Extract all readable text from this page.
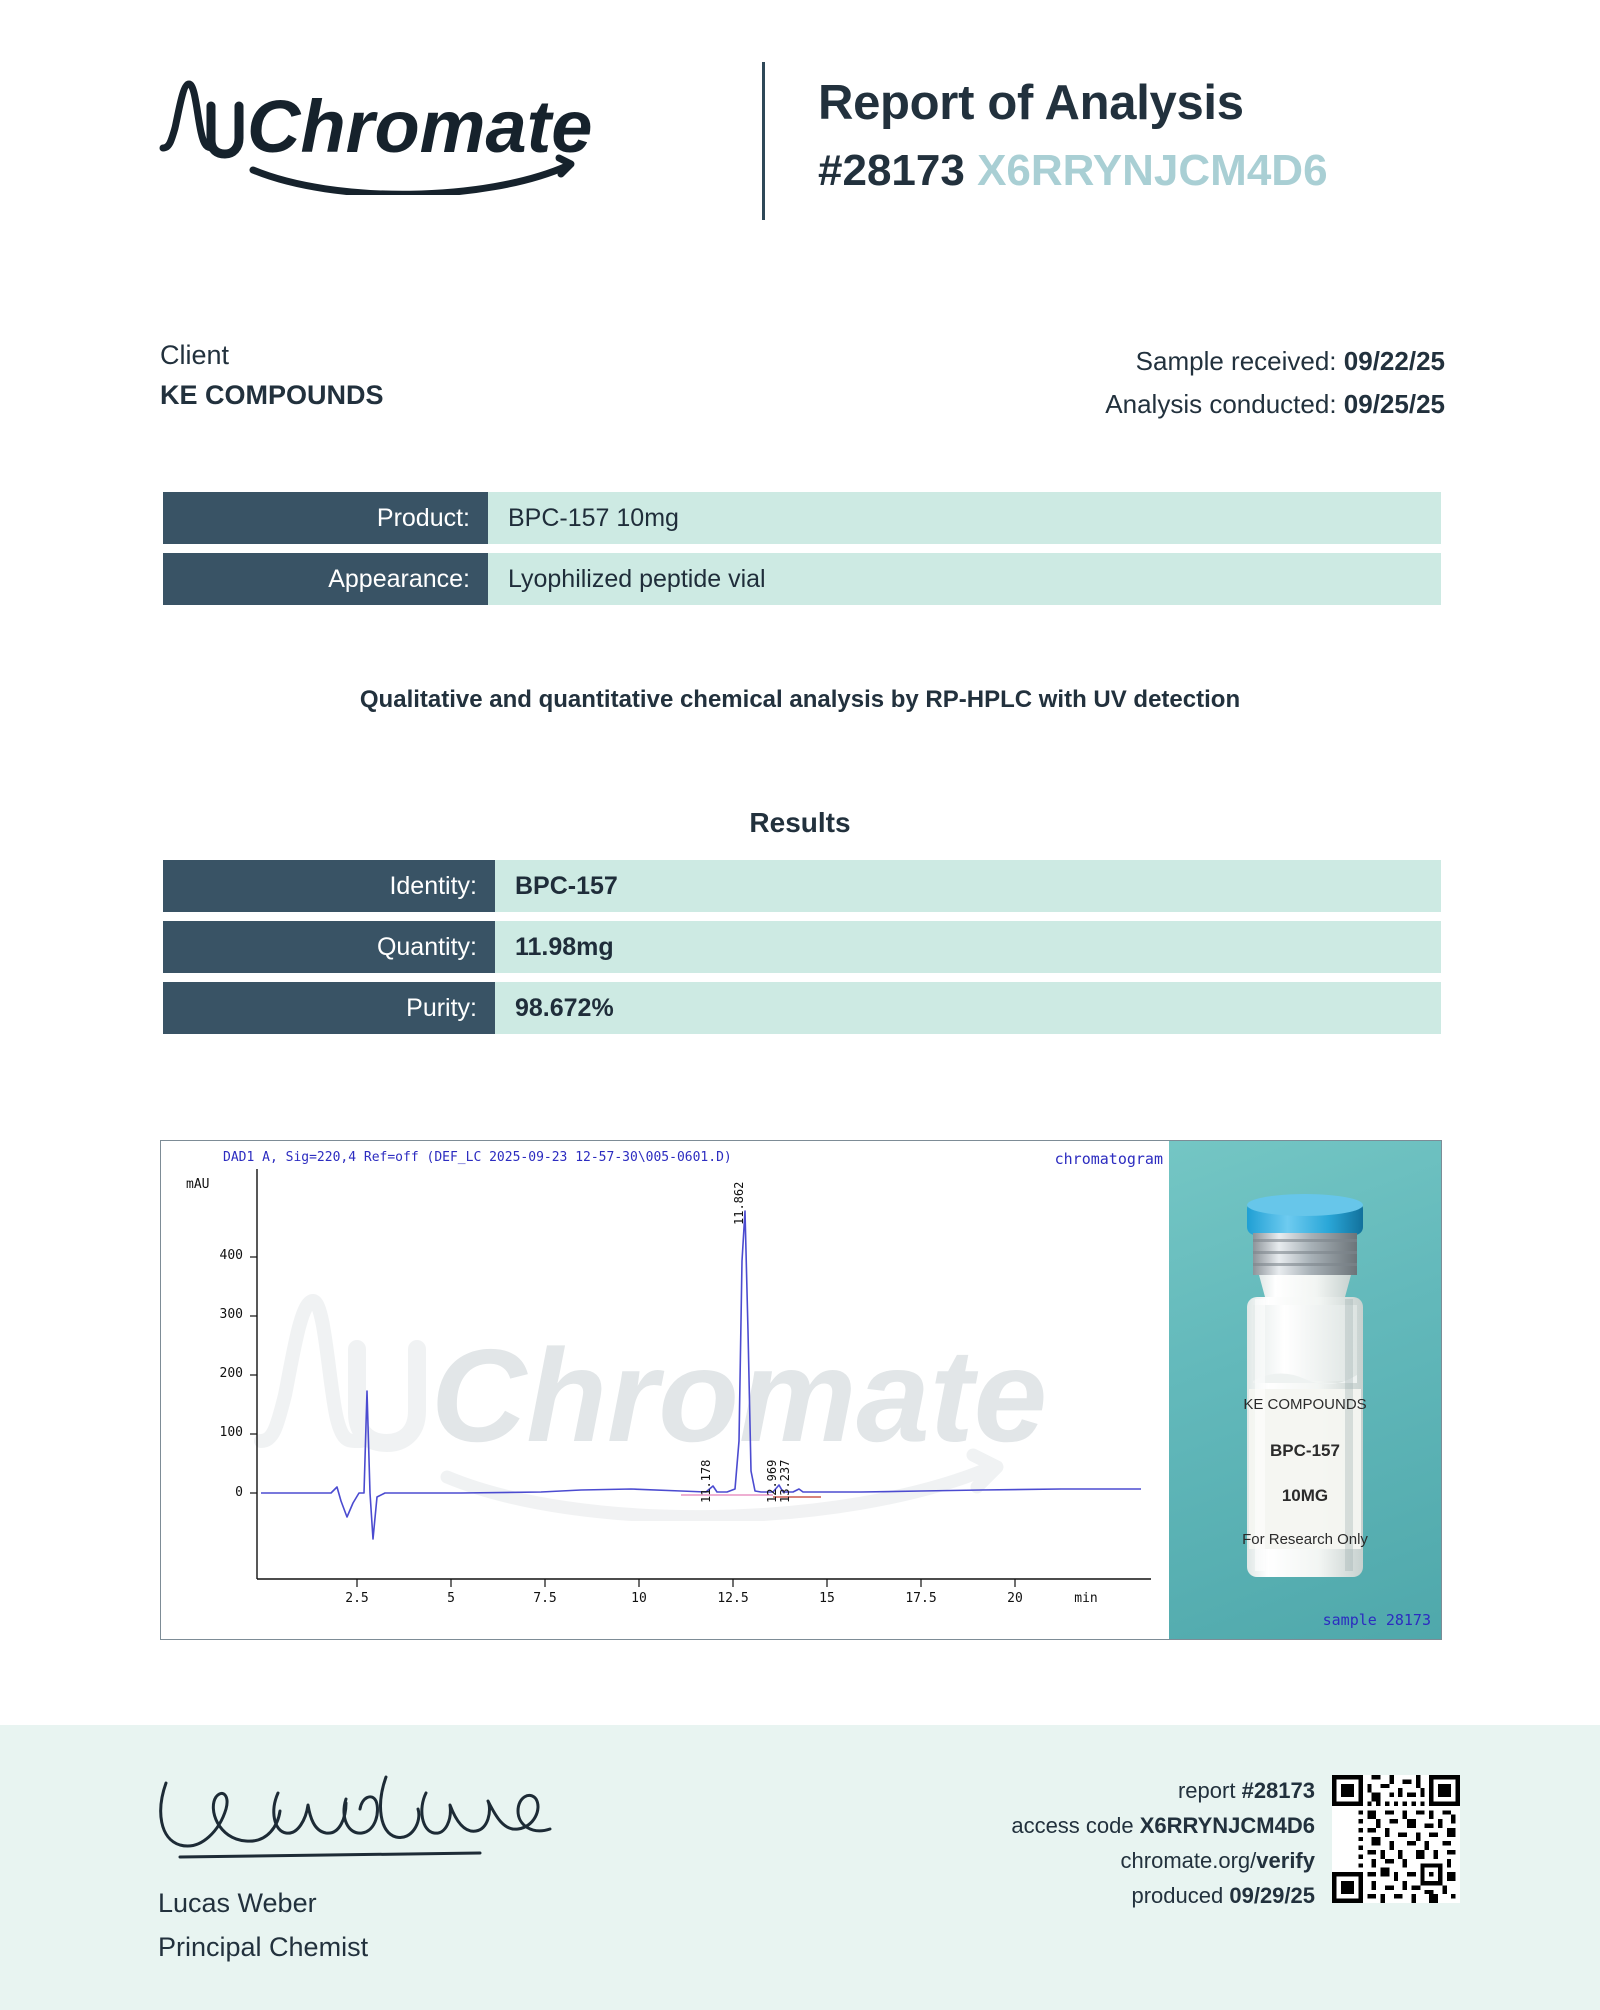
Chromate	Report of Analysis
#28173 X6RRYNJCM4D6
Client
KE COMPOUNDS
Sample received: 09/22/25
Analysis conducted: 09/25/25
Product:	BPC-157 10mg
Appearance:	Lyophilized peptide vial
Qualitative and quantitative chemical analysis by RP-HPLC with UV detection
Results
Identity:	BPC-157
Quantity:	11.98mg
Purity:	98.672%
DAD1 A, Sig=220,4 Ref=off (DEF_LC 2025-09-23 12-57-30\005-0601.D)	chromatogram
Chromate
mAU
400
300
200
100
0
2.5	5	7.5	10	12.5	15	17.5	20	min
11.178
11.862
12.969 13.237
KE COMPOUNDS
BPC-157
10MG
For Research Only
sample 28173
Lucas Weber
Principal Chemist
report #28173
access code X6RRYNJCM4D6
chromate.org/verify
produced 09/29/25
